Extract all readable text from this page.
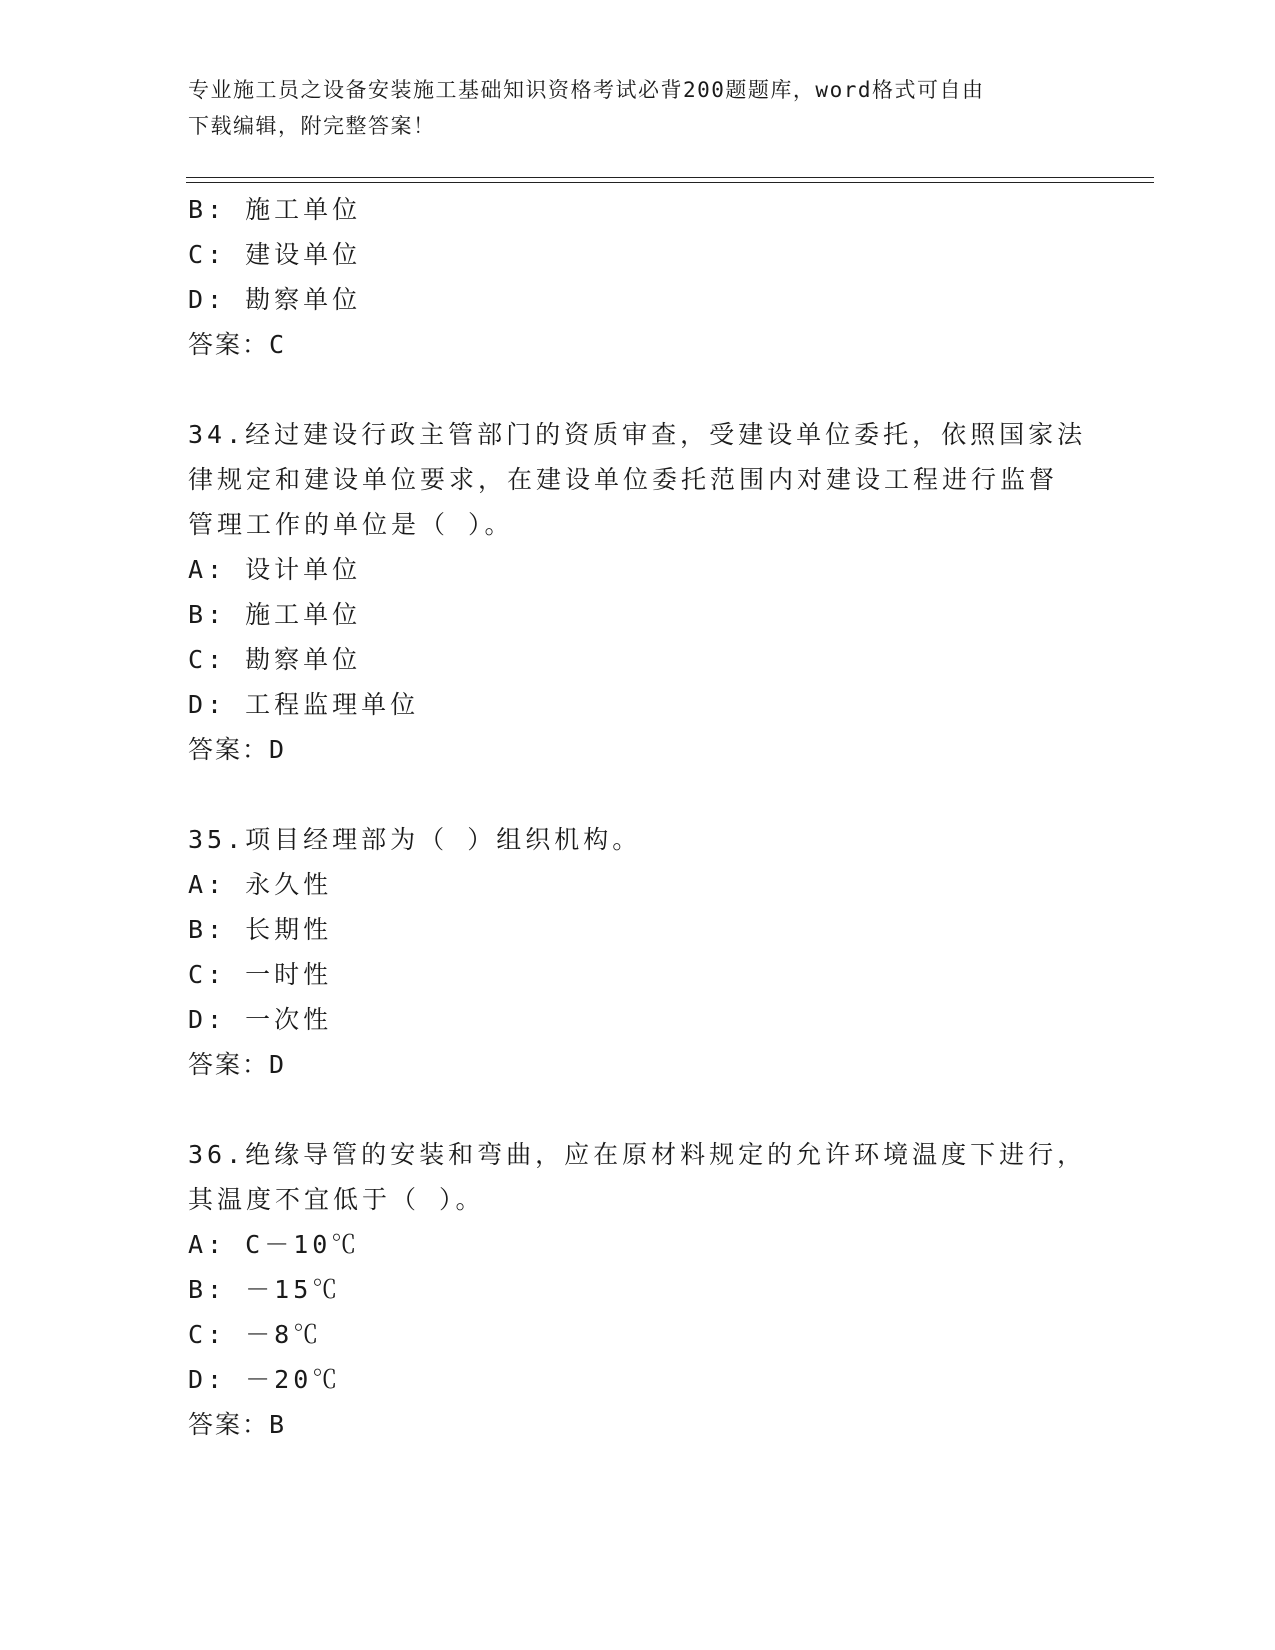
专业施工员之设备安装施工基础知识资格考试必背200题题库，word格式可自由
下载编辑，附完整答案！
B: 施工单位
C: 建设单位
D: 勘察单位
答案：C
34.经过建设行政主管部门的资质审查，受建设单位委托，依照国家法
律规定和建设单位要求，在建设单位委托范围内对建设工程进行监督
管理工作的单位是（ ）。
A: 设计单位
B: 施工单位
C: 勘察单位
D: 工程监理单位
答案：D
35.项目经理部为（ ）组织机构。
A: 永久性
B: 长期性
C: 一时性
D: 一次性
答案：D
36.绝缘导管的安装和弯曲，应在原材料规定的允许环境温度下进行，
其温度不宜低于（ ）。
A: C－10℃
B: －15℃
C: －8℃
D: －20℃
答案：B
